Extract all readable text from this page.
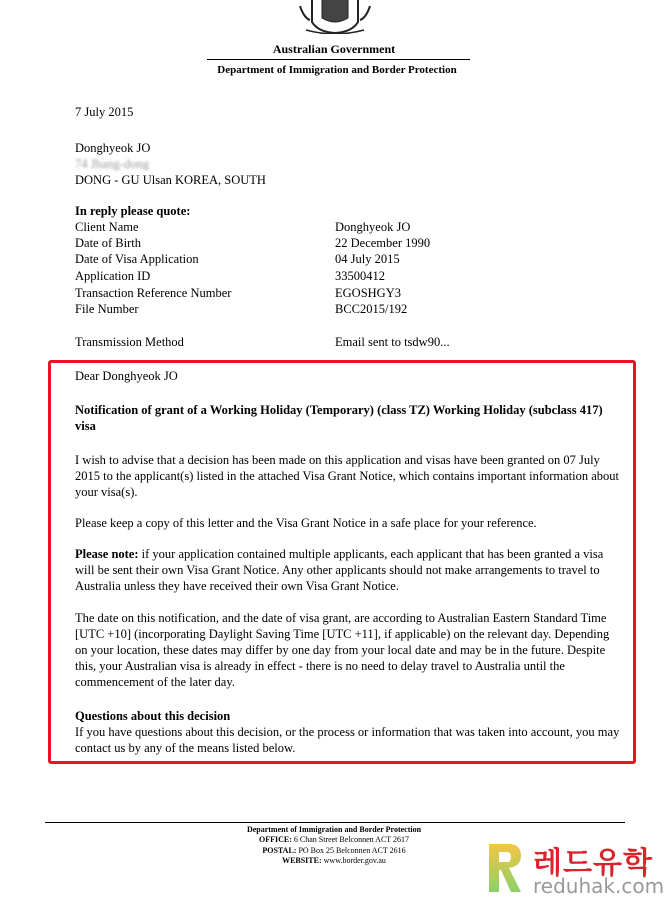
Australian Government
Department of Immigration and Border Protection
7 July 2015
Donghyeok JO
74 Jhang-dong
DONG - GU Ulsan KOREA, SOUTH
In reply please quote:
Client Name	Donghyeok JO
Date of Birth	22 December 1990
Date of Visa Application	04 July 2015
Application ID	33500412
Transaction Reference Number	EGOSHGY3
File Number	BCC2015/192
Transmission Method	Email sent to tsdw90...
Dear Donghyeok JO
Notification of grant of a Working Holiday (Temporary) (class TZ) Working Holiday (subclass 417) visa
I wish to advise that a decision has been made on this application and visas have been granted on 07 July 2015 to the applicant(s) listed in the attached Visa Grant Notice, which contains important information about your visa(s).
Please keep a copy of this letter and the Visa Grant Notice in a safe place for your reference.
Please note: if your application contained multiple applicants, each applicant that has been granted a visa will be sent their own Visa Grant Notice. Any other applicants should not make arrangements to travel to Australia unless they have received their own Visa Grant Notice.
The date on this notification, and the date of visa grant, are according to Australian Eastern Standard Time [UTC +10] (incorporating Daylight Saving Time [UTC +11], if applicable) on the relevant day. Depending on your location, these dates may differ by one day from your local date and may be in the future. Despite this, your Australian visa is already in effect - there is no need to delay travel to Australia until the commencement of the later day.
Questions about this decision
If you have questions about this decision, or the process or information that was taken into account, you may contact us by any of the means listed below.
Department of Immigration and Border Protection
OFFICE: 6 Chan Street Belconnen ACT 2617
POSTAL: PO Box 25 Belconnen ACT 2616
WEBSITE: www.border.gov.au	레드유학
reduhak.com
